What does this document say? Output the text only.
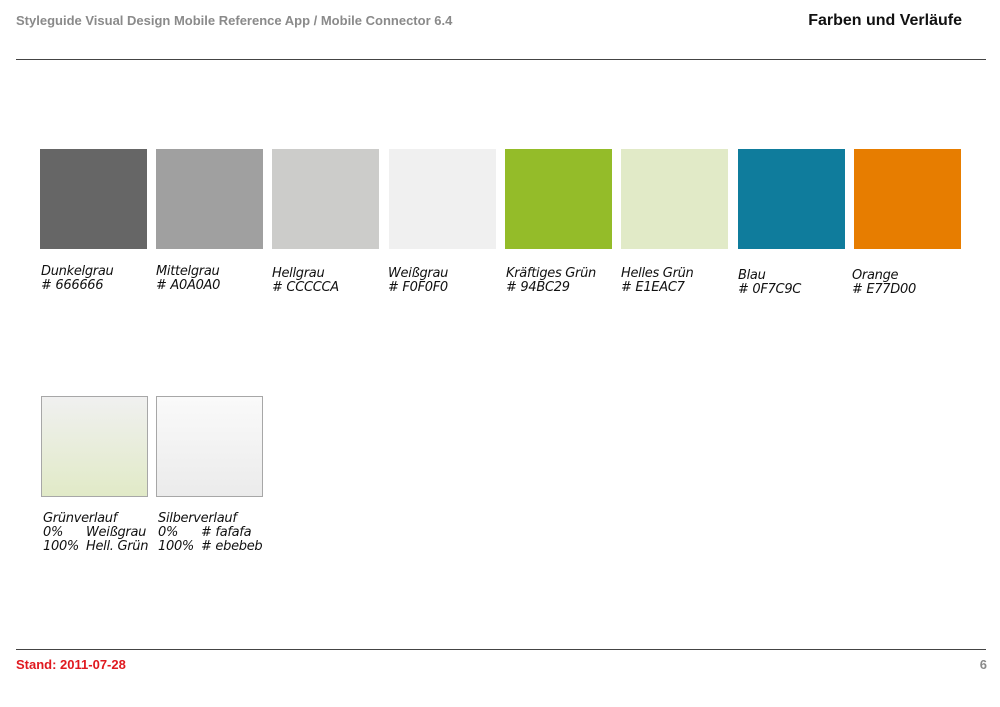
Styleguide Visual Design Mobile Reference App / Mobile Connector 6.4	Farben und Verläufe
Dunkelgrau
# 666666
Mittelgrau
# A0A0A0
Hellgrau
# CCCCCA
Weißgrau
# F0F0F0
Kräftiges Grün
# 94BC29
Helles Grün
# E1EAC7
Blau
# 0F7C9C
Orange
# E77D00
Grünverlauf
0%	Weißgrau
100% Hell. Grün
Silberverlauf
0%	# fafafa
100% # ebebeb
Stand: 2011-07-28	6
